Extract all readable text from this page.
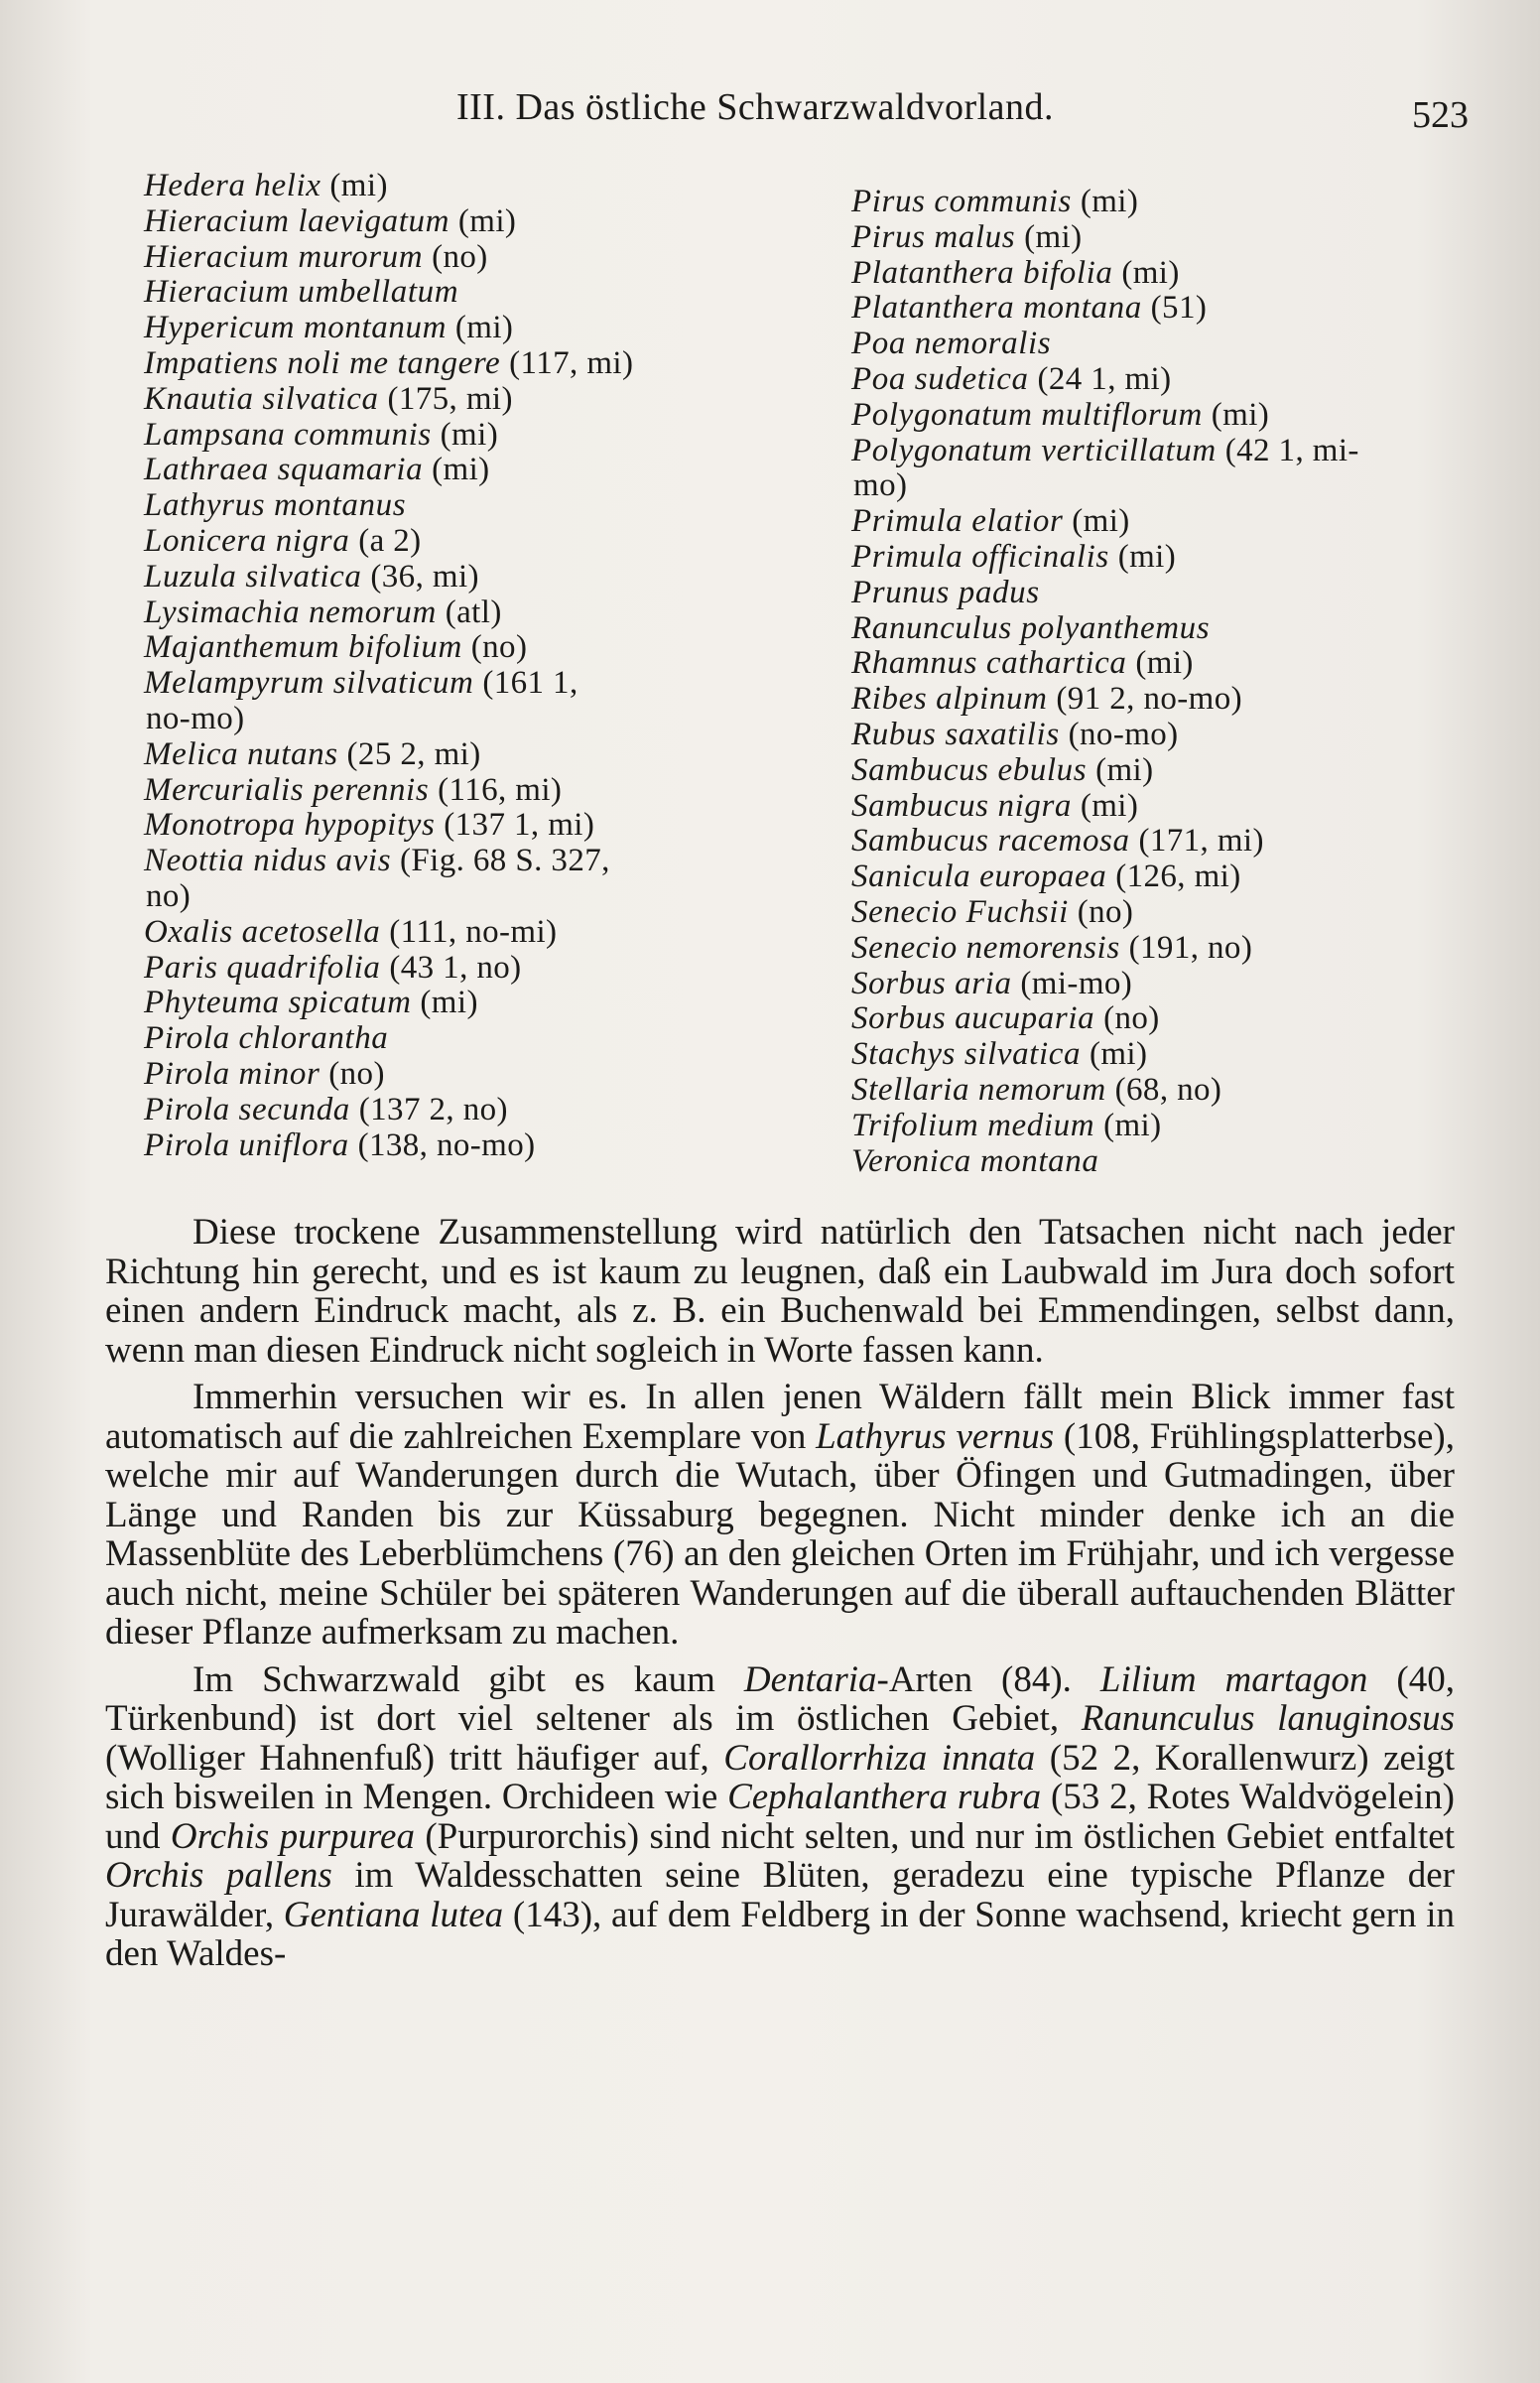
III. Das östliche Schwarzwaldvorland.	523
Hedera helix (mi)
Hieracium laevigatum (mi)
Hieracium murorum (no)
Hieracium umbellatum
Hypericum montanum (mi)
Impatiens noli me tangere (117, mi)
Knautia silvatica (175, mi)
Lampsana communis (mi)
Lathraea squamaria (mi)
Lathyrus montanus
Lonicera nigra (a 2)
Luzula silvatica (36, mi)
Lysimachia nemorum (atl)
Majanthemum bifolium (no)
Melampyrum silvaticum (161 1,
no-mo)
Melica nutans (25 2, mi)
Mercurialis perennis (116, mi)
Monotropa hypopitys (137 1, mi)
Neottia nidus avis (Fig. 68 S. 327,
no)
Oxalis acetosella (111, no-mi)
Paris quadrifolia (43 1, no)
Phyteuma spicatum (mi)
Pirola chlorantha
Pirola minor (no)
Pirola secunda (137 2, no)
Pirola uniflora (138, no-mo)
Pirus communis (mi)
Pirus malus (mi)
Platanthera bifolia (mi)
Platanthera montana (51)
Poa nemoralis
Poa sudetica (24 1, mi)
Polygonatum multiflorum (mi)
Polygonatum verticillatum (42 1, mi-
mo)
Primula elatior (mi)
Primula officinalis (mi)
Prunus padus
Ranunculus polyanthemus
Rhamnus cathartica (mi)
Ribes alpinum (91 2, no-mo)
Rubus saxatilis (no-mo)
Sambucus ebulus (mi)
Sambucus nigra (mi)
Sambucus racemosa (171, mi)
Sanicula europaea (126, mi)
Senecio Fuchsii (no)
Senecio nemorensis (191, no)
Sorbus aria (mi-mo)
Sorbus aucuparia (no)
Stachys silvatica (mi)
Stellaria nemorum (68, no)
Trifolium medium (mi)
Veronica montana

Diese trockene Zusammenstellung wird natürlich den Tatsachen nicht nach jeder Richtung hin gerecht, und es ist kaum zu leugnen, daß ein Laubwald im Jura doch sofort einen andern Eindruck macht, als z. B. ein Buchenwald bei Emmendingen, selbst dann, wenn man diesen Eindruck nicht sogleich in Worte fassen kann.

Immerhin versuchen wir es. In allen jenen Wäldern fällt mein Blick immer fast automatisch auf die zahlreichen Exemplare von Lathyrus vernus (108, Frühlingsplatterbse), welche mir auf Wanderungen durch die Wutach, über Öfingen und Gutmadingen, über Länge und Randen bis zur Küssaburg begegnen. Nicht minder denke ich an die Massenblüte des Leberblümchens (76) an den gleichen Orten im Frühjahr, und ich vergesse auch nicht, meine Schüler bei späteren Wanderungen auf die überall auftauchenden Blätter dieser Pflanze aufmerksam zu machen.

Im Schwarzwald gibt es kaum Dentaria-Arten (84). Lilium martagon (40, Türkenbund) ist dort viel seltener als im östlichen Gebiet, Ranunculus lanuginosus (Wolliger Hahnenfuß) tritt häufiger auf, Corallorrhiza innata (52 2, Korallenwurz) zeigt sich bisweilen in Mengen. Orchideen wie Cephalanthera rubra (53 2, Rotes Waldvögelein) und Orchis purpurea (Purpurorchis) sind nicht selten, und nur im östlichen Gebiet entfaltet Orchis pallens im Waldesschatten seine Blüten, geradezu eine typische Pflanze der Jurawälder, Gentiana lutea (143), auf dem Feldberg in der Sonne wachsend, kriecht gern in den Waldes-
